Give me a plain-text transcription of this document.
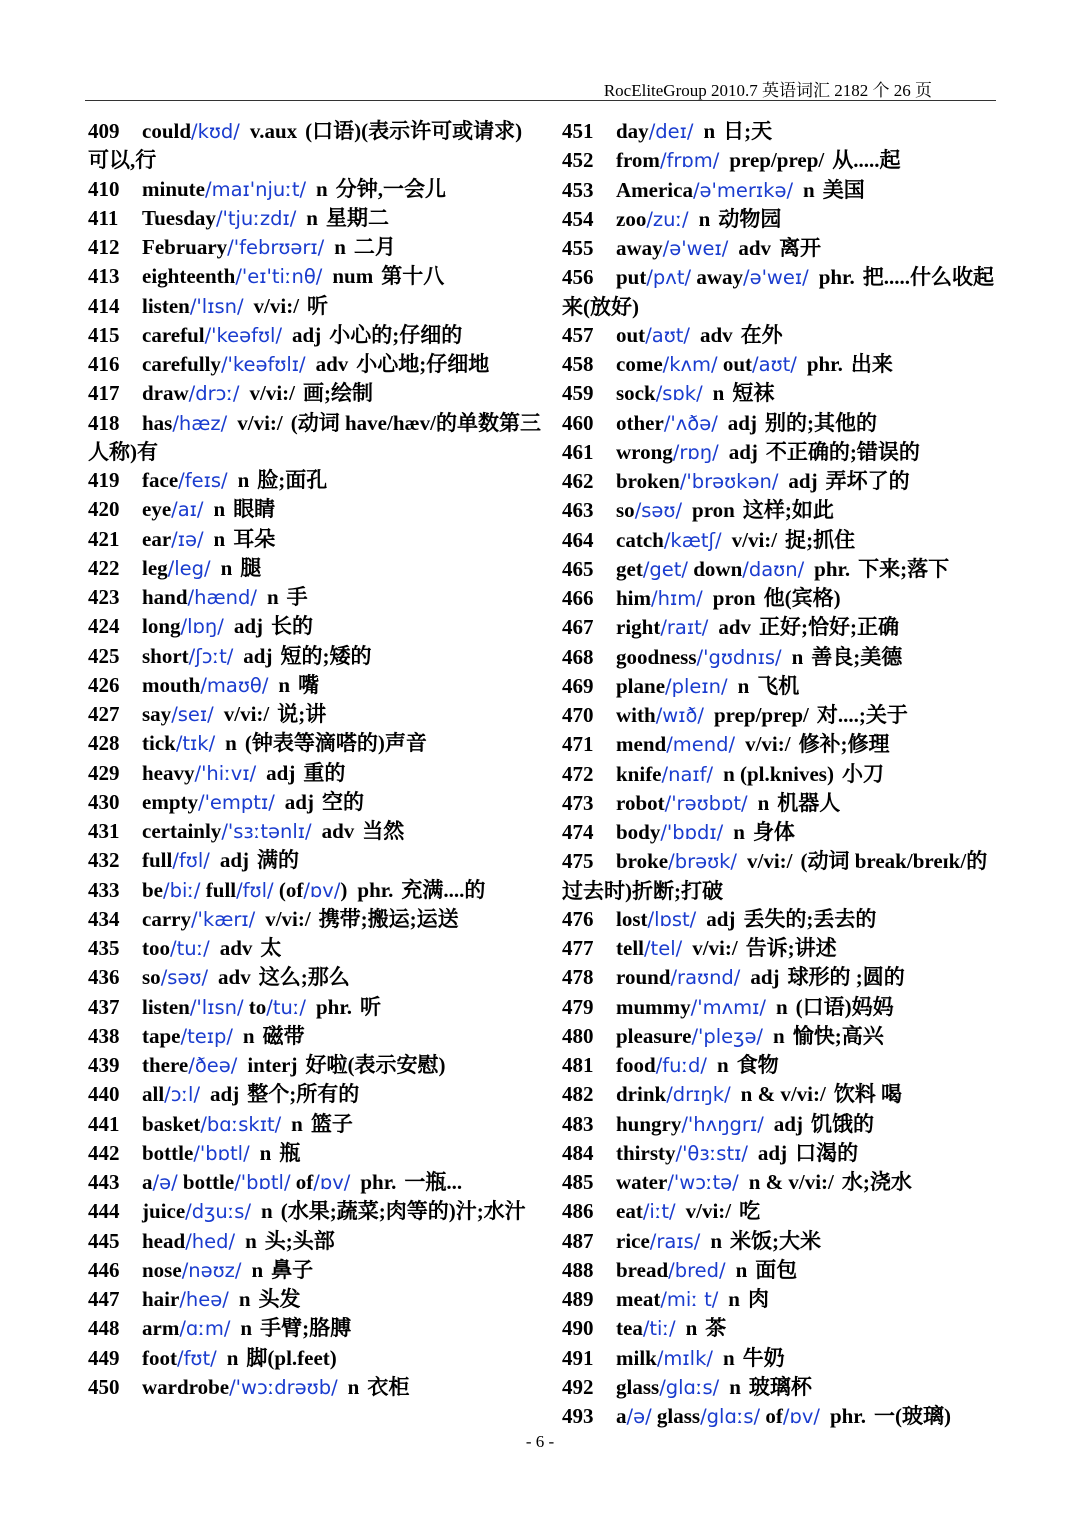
RocEliteGroup 2010.7 英语词汇 2182 个 26 页
409 could/kʊd/ v.aux (口语)(表示许可或请求)可以,行
410 minute/maɪ'njuːt/ n 分钟,一会儿
411 Tuesday/'tjuːzdɪ/ n 星期二
412 February/'febrʊərɪ/ n 二月
413 eighteenth/'eɪ'tiːnθ/ num 第十八
414 listen/'lɪsn/ v/vi:/ 听
415 careful/'keəfʊl/ adj 小心的;仔细的
416 carefully/'keəfʊlɪ/ adv 小心地;仔细地
417 draw/drɔː/ v/vi:/ 画;绘制
418 has/hæz/ v/vi:/ (动词 have/hæv/的单数第三人称)有
419 face/feɪs/ n 脸;面孔
420 eye/aɪ/ n 眼睛
421 ear/ɪə/ n 耳朵
422 leg/leg/ n 腿
423 hand/hænd/ n 手
424 long/lɒŋ/ adj 长的
425 short/ʃɔːt/ adj 短的;矮的
426 mouth/maʊθ/ n 嘴
427 say/seɪ/ v/vi:/ 说;讲
428 tick/tɪk/ n (钟表等滴嗒的)声音
429 heavy/'hiːvɪ/ adj 重的
430 empty/'emptɪ/ adj 空的
431 certainly/'sɜːtənlɪ/ adv 当然
432 full/fʊl/ adj 满的
433 be/biː/ full/fʊl/ (of/ɒv/) phr. 充满....的
434 carry/'kærɪ/ v/vi:/ 携带;搬运;运送
435 too/tuː/ adv 太
436 so/səʊ/ adv 这么;那么
437 listen/'lɪsn/ to/tuː/ phr. 听
438 tape/teɪp/ n 磁带
439 there/ðeə/ interj 好啦(表示安慰)
440 all/ɔːl/ adj 整个;所有的
441 basket/bɑːskɪt/ n 篮子
442 bottle/'bɒtl/ n 瓶
443 a/ə/ bottle/'bɒtl/ of/ɒv/ phr. 一瓶...
444 juice/dʒuːs/ n (水果;蔬菜;肉等的)汁;水汁
445 head/hed/ n 头;头部
446 nose/nəʊz/ n 鼻子
447 hair/heə/ n 头发
448 arm/ɑːm/ n 手臂;胳膊
449 foot/fʊt/ n 脚(pl.feet)
450 wardrobe/'wɔːdrəʊb/ n 衣柜
451 day/deɪ/ n 日;天
452 from/frɒm/ prep/prep/ 从.....起
453 America/ə'merɪkə/ n 美国
454 zoo/zuː/ n 动物园
455 away/ə'weɪ/ adv 离开
456 put/pʌt/ away/ə'weɪ/ phr. 把.....什么收起来(放好)
457 out/aʊt/ adv 在外
458 come/kʌm/ out/aʊt/ phr. 出来
459 sock/sɒk/ n 短袜
460 other/'ʌðə/ adj 别的;其他的
461 wrong/rɒŋ/ adj 不正确的;错误的
462 broken/'brəʊkən/ adj 弄坏了的
463 so/səʊ/ pron 这样;如此
464 catch/kætʃ/ v/vi:/ 捉;抓住
465 get/get/ down/daʊn/ phr. 下来;落下
466 him/hɪm/ pron 他(宾格)
467 right/raɪt/ adv 正好;恰好;正确
468 goodness/'gʊdnɪs/ n 善良;美德
469 plane/pleɪn/ n 飞机
470 with/wɪð/ prep/prep/ 对....;关于
471 mend/mend/ v/vi:/ 修补;修理
472 knife/naɪf/ n (pl.knives) 小刀
473 robot/'rəʊbɒt/ n 机器人
474 body/'bɒdɪ/ n 身体
475 broke/brəʊk/ v/vi:/ (动词 break/breɪk/的过去时)折断;打破
476 lost/lɒst/ adj 丢失的;丢去的
477 tell/tel/ v/vi:/ 告诉;讲述
478 round/raʊnd/ adj 球形的 ;圆的
479 mummy/'mʌmɪ/ n (口语)妈妈
480 pleasure/'pleʒə/ n 愉快;高兴
481 food/fuːd/ n 食物
482 drink/drɪŋk/ n & v/vi:/ 饮料 喝
483 hungry/'hʌŋgrɪ/ adj 饥饿的
484 thirsty/'θɜːstɪ/ adj 口渴的
485 water/'wɔːtə/ n & v/vi:/ 水;浇水
486 eat/iːt/ v/vi:/ 吃
487 rice/raɪs/ n 米饭;大米
488 bread/bred/ n 面包
489 meat/miː t/ n 肉
490 tea/tiː/ n 茶
491 milk/mɪlk/ n 牛奶
492 glass/glɑːs/ n 玻璃杯
493 a/ə/ glass/glɑːs/ of/ɒv/ phr. 一(玻璃)
- 6 -
